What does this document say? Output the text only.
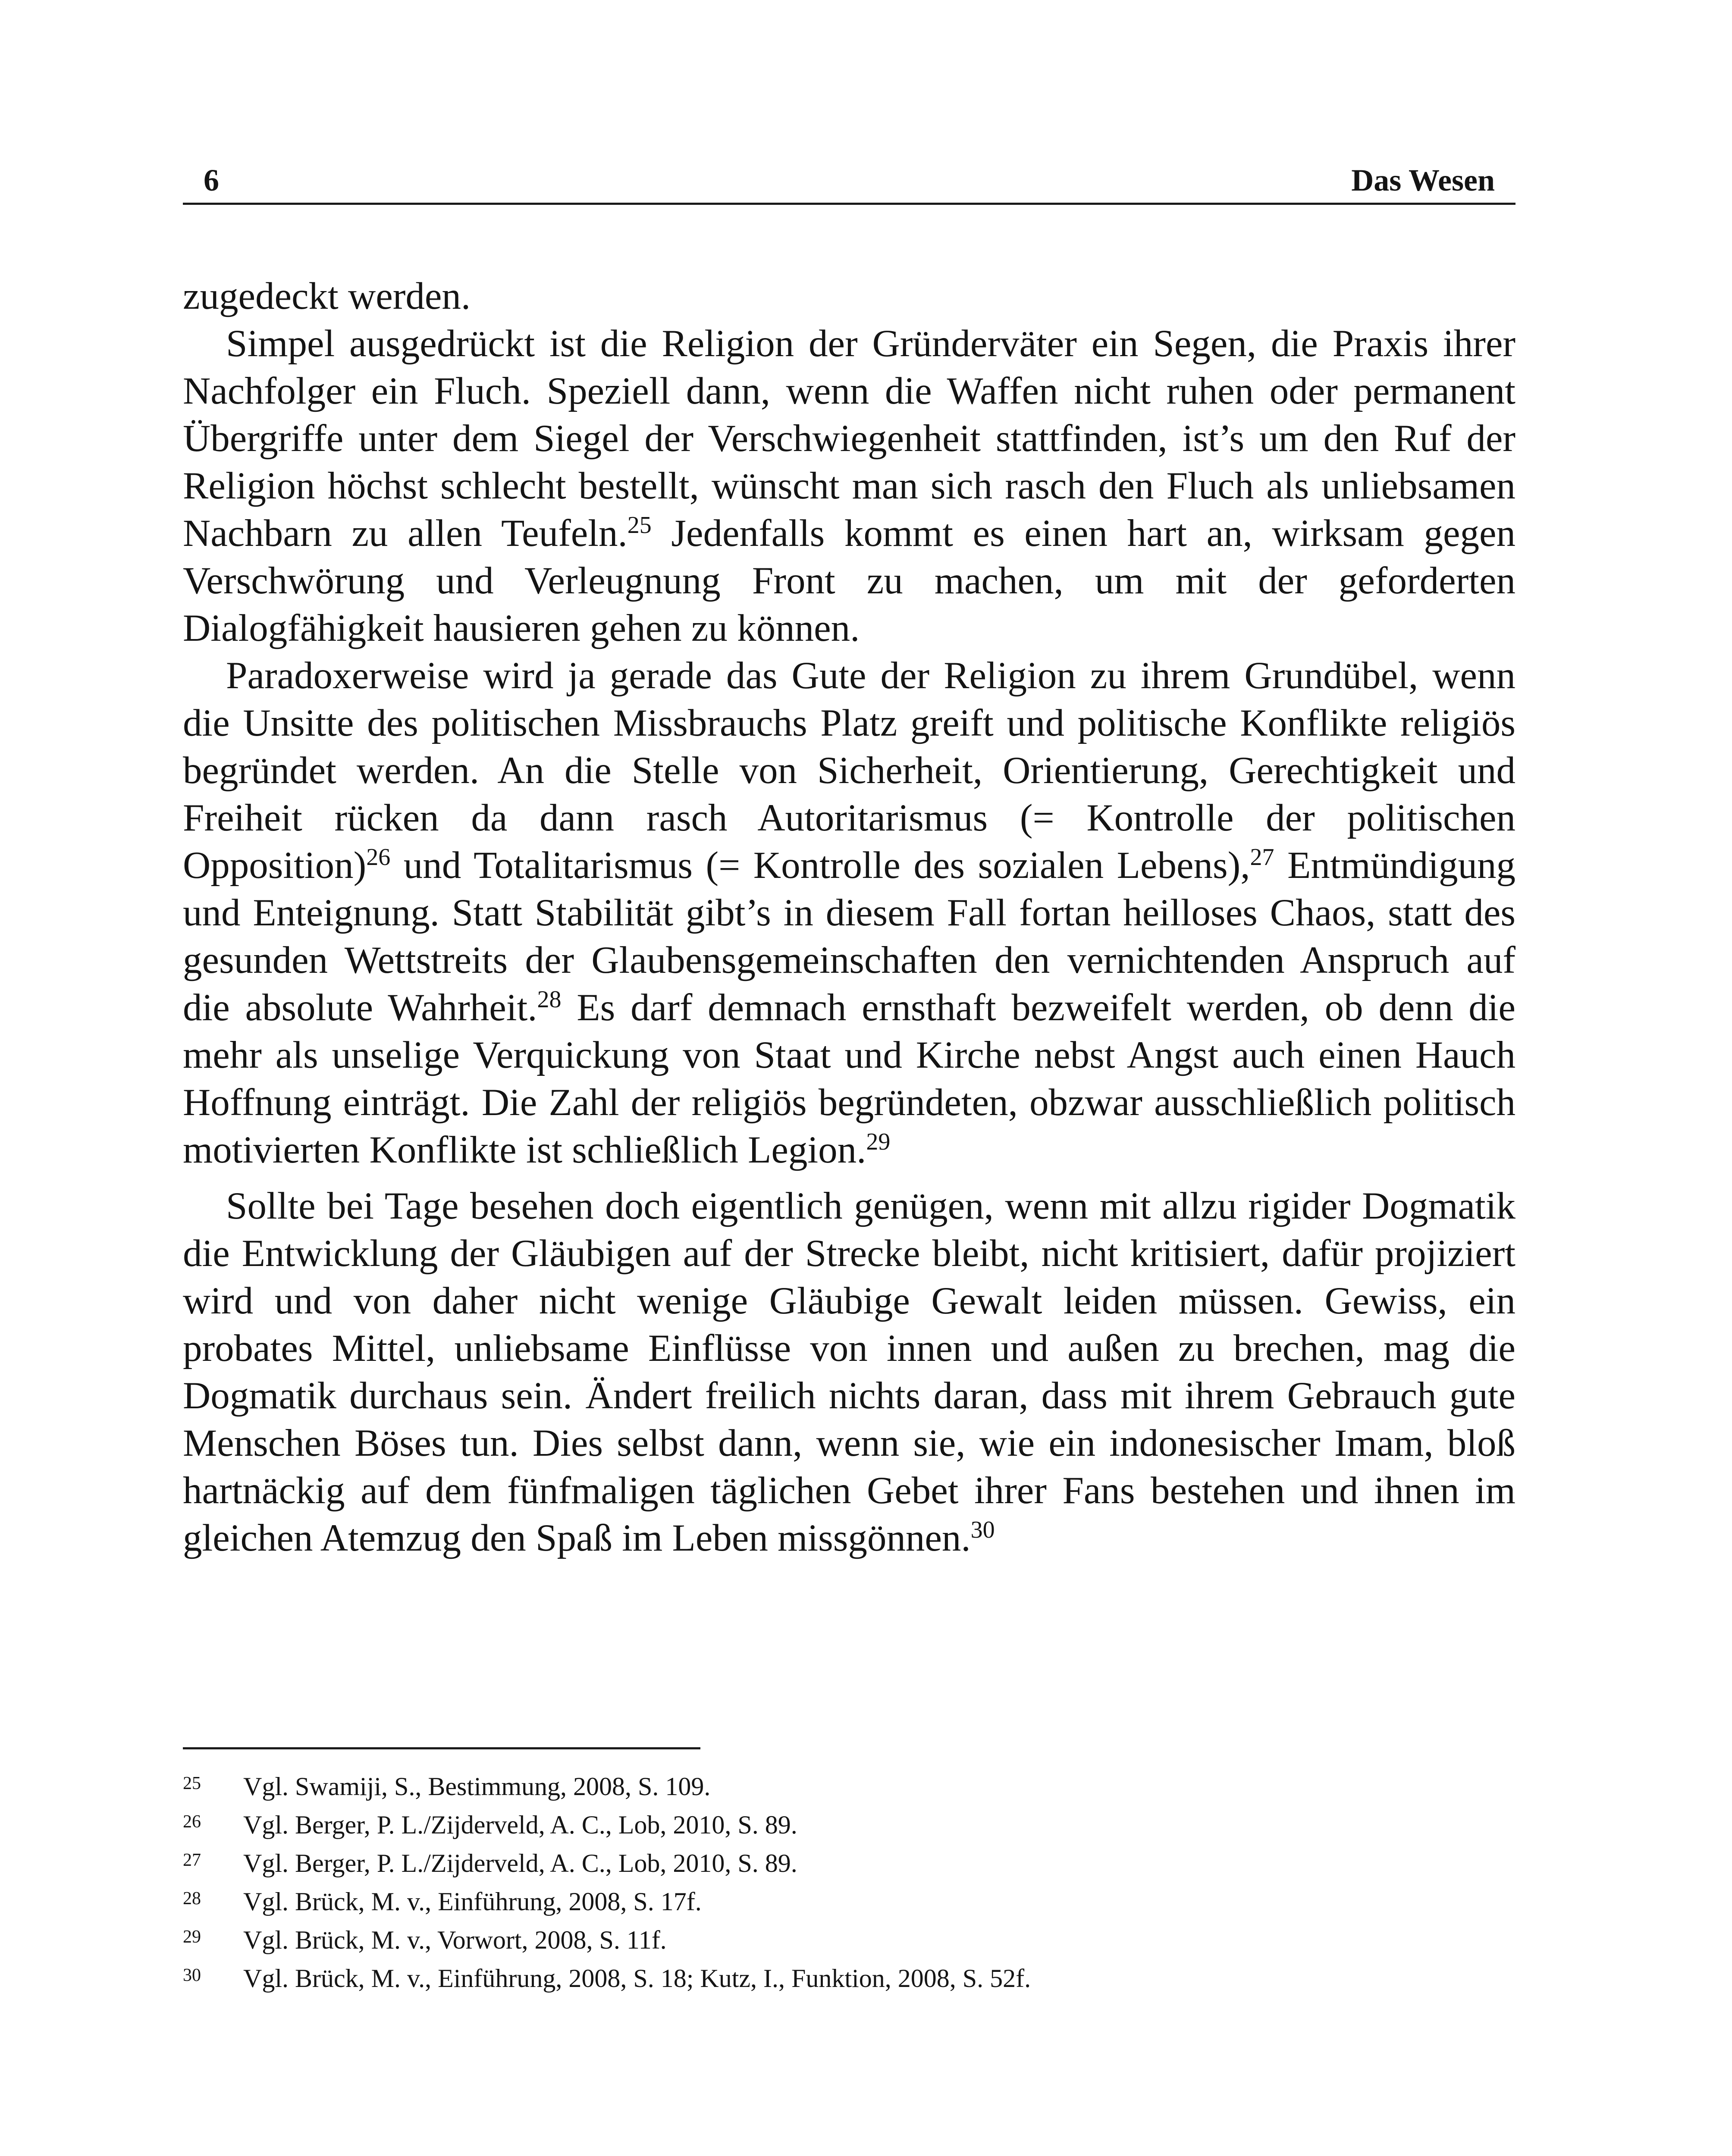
6	Das Wesen

zugedeckt werden.

Simpel ausgedrückt ist die Religion der Gründerväter ein Segen, die Praxis ihrer Nachfolger ein Fluch. Speziell dann, wenn die Waffen nicht ruhen oder permanent Übergriffe unter dem Siegel der Verschwiegenheit stattfinden, ist’s um den Ruf der Religion höchst schlecht bestellt, wünscht man sich rasch den Fluch als unliebsamen Nachbarn zu allen Teufeln.$^{25}$ Jedenfalls kommt es einen hart an, wirksam gegen Verschwörung und Verleugnung Front zu machen, um mit der geforderten Dialogfähigkeit hausieren gehen zu können.

Paradoxerweise wird ja gerade das Gute der Religion zu ihrem Grundübel, wenn die Unsitte des politischen Missbrauchs Platz greift und politische Konflikte religiös begründet werden. An die Stelle von Sicherheit, Orientierung, Gerechtigkeit und Freiheit rücken da dann rasch Autoritarismus (= Kontrolle der politischen Opposition)$^{26}$ und Totalitarismus (= Kontrolle des sozialen Lebens),$^{27}$ Entmündigung und Enteignung. Statt Stabilität gibt’s in diesem Fall fortan heilloses Chaos, statt des gesunden Wettstreits der Glaubensgemeinschaften den vernichtenden Anspruch auf die absolute Wahrheit.$^{28}$ Es darf demnach ernsthaft bezweifelt werden, ob denn die mehr als unselige Verquickung von Staat und Kirche nebst Angst auch einen Hauch Hoffnung einträgt. Die Zahl der religiös begründeten, obzwar ausschließlich politisch motivierten Konflikte ist schließlich Legion.$^{29}$

Sollte bei Tage besehen doch eigentlich genügen, wenn mit allzu rigider Dogmatik die Entwicklung der Gläubigen auf der Strecke bleibt, nicht kritisiert, dafür projiziert wird und von daher nicht wenige Gläubige Gewalt leiden müssen. Gewiss, ein probates Mittel, unliebsame Einflüsse von innen und außen zu brechen, mag die Dogmatik durchaus sein. Ändert freilich nichts daran, dass mit ihrem Gebrauch gute Menschen Böses tun. Dies selbst dann, wenn sie, wie ein indonesischer Imam, bloß hartnäckig auf dem fünfmaligen täglichen Gebet ihrer Fans bestehen und ihnen im gleichen Atemzug den Spaß im Leben missgönnen.$^{30}$

25	Vgl. Swamiji, S., Bestimmung, 2008, S. 109.
26	Vgl. Berger, P. L./Zijderveld, A. C., Lob, 2010, S. 89.
27	Vgl. Berger, P. L./Zijderveld, A. C., Lob, 2010, S. 89.
28	Vgl. Brück, M. v., Einführung, 2008, S. 17f.
29	Vgl. Brück, M. v., Vorwort, 2008, S. 11f.
30	Vgl. Brück, M. v., Einführung, 2008, S. 18; Kutz, I., Funktion, 2008, S. 52f.
